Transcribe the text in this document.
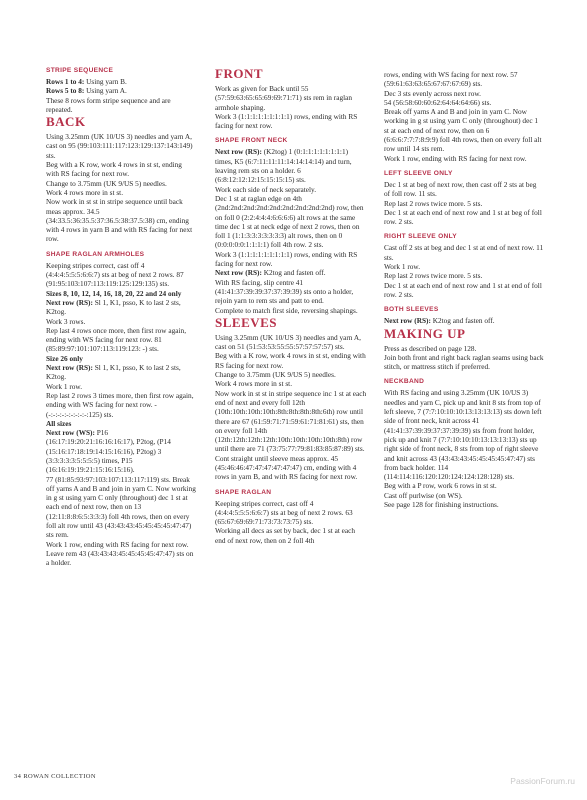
STRIPE SEQUENCE

Rows 1 to 4: Using yarn B.

Rows 5 to 8: Using yarn A.

These 8 rows form stripe sequence and are repeated.

BACK

Using 3.25mm (UK 10/US 3) needles and yarn A, cast on 95 (99:103:111:117:123:129:137:143:149) sts.

Beg with a K row, work 4 rows in st st, ending with RS facing for next row.

Change to 3.75mm (UK 9/US 5) needles.

Work 4 rows more in st st.

Now work in st st in stripe sequence until back meas approx. 34.5 (34:33.5:36:35.5:37:36.5:38:37.5:38) cm, ending with 4 rows in yarn B and with RS facing for next row.

SHAPE RAGLAN ARMHOLES

Keeping stripes correct, cast off 4 (4:4:4:5:5:5:6:6:7) sts at beg of next 2 rows. 87 (91:95:103:107:113:119:125:129:135) sts.

Sizes 8, 10, 12, 14, 16, 18, 20, 22 and 24 only

Next row (RS): Sl 1, K1, psso, K to last 2 sts, K2tog.

Work 3 rows.

Rep last 4 rows once more, then first row again, ending with WS facing for next row. 81 (85:89:97:101:107:113:119:123: -) sts.

Size 26 only

Next row (RS): Sl 1, K1, psso, K to last 2 sts, K2tog.

Work 1 row.

Rep last 2 rows 3 times more, then first row again, ending with WS facing for next row. - (-:-:-:-:-:-:-:-:-:125) sts.

All sizes

Next row (WS): P16 (16:17:19:20:21:16:16:16:17), P2tog, (P14 (15:16:17:18:19:14:15:16:16), P2tog) 3 (3:3:3:3:3:5:5:5:5) times, P15 (16:16:19:19:21:15:16:15:16).

77 (81:85:93:97:103:107:113:117:119) sts. Break off yarns A and B and join in yarn C. Now working in g st using yarn C only (throughout) dec 1 st at each end of next row, then on 13 (12:11:8:8:6:5:3:3:3) foll 4th rows, then on every foll alt row until 43 (43:43:43:45:45:45:45:47:47) sts rem.

Work 1 row, ending with RS facing for next row.

Leave rem 43 (43:43:43:45:45:45:45:47:47) sts on a holder.

FRONT

Work as given for Back until 55 (57:59:63:65:65:69:69:71:71) sts rem in raglan armhole shaping.

Work 3 (1:1:1:1:1:1:1:1:1) rows, ending with RS facing for next row.

SHAPE FRONT NECK

Next row (RS): (K2tog) 1 (0:1:1:1:1:1:1:1:1) times, K5 (6:7:11:11:11:14:14:14:14) and turn, leaving rem sts on a holder. 6 (6:8:12:12:12:15:15:15:15) sts.

Work each side of neck separately.

Dec 1 st at raglan edge on 4th (2nd:2nd:2nd:2nd:2nd:2nd:2nd:2nd:2nd) row, then on foll 0 (2:2:4:4:4:6:6:6:6) alt rows at the same time dec 1 st at neck edge of next 2 rows, then on foll 1 (1:1:3:3:3:3:3:3:3) alt rows, then on 0 (0:0:0:0:0:1:1:1:1) foll 4th row. 2 sts.

Work 3 (1:1:1:1:1:1:1:1:1) rows, ending with RS facing for next row.

Next row (RS): K2tog and fasten off.

With RS facing, slip centre 41 (41:41:37:39:39:37:37:39:39) sts onto a holder, rejoin yarn to rem sts and patt to end.

Complete to match first side, reversing shapings.

SLEEVES

Using 3.25mm (UK 10/US 3) needles and yarn A, cast on 51 (51:53:53:55:55:57:57:57:57) sts.

Beg with a K row, work 4 rows in st st, ending with RS facing for next row.

Change to 3.75mm (UK 9/US 5) needles.

Work 4 rows more in st st.

Now work in st st in stripe sequence inc 1 st at each end of next and every foll 12th (10th:10th:10th:10th:8th:8th:8th:8th:6th) row until there are 67 (61:59:71:71:59:61:71:81:61) sts, then on every foll 14th (12th:12th:12th:12th:10th:10th:10th:10th:8th) row until there are 71 (73:75:77:79:81:83:85:87:89) sts.

Cont straight until sleeve meas approx. 45 (45:46:46:47:47:47:47:47:47) cm, ending with 4 rows in yarn B, and with RS facing for next row.

SHAPE RAGLAN

Keeping stripes correct, cast off 4 (4:4:4:5:5:5:6:6:7) sts at beg of next 2 rows. 63 (65:67:69:69:71:73:73:73:75) sts.

Working all decs as set by back, dec 1 st at each end of next row, then on 2 foll 4th

rows, ending with WS facing for next row. 57 (59:61:63:63:65:67:67:67:69) sts.

Dec 3 sts evenly across next row.

54 (56:58:60:60:62:64:64:64:66) sts.

Break off yarns A and B and join in yarn C. Now working in g st using yarn C only (throughout) dec 1 st at each end of next row, then on 6 (6:6:6:7:7:7:8:9:9) foll 4th rows, then on every foll alt row until 14 sts rem.

Work 1 row, ending with RS facing for next row.

LEFT SLEEVE ONLY

Dec 1 st at beg of next row, then cast off 2 sts at beg of foll row. 11 sts.

Rep last 2 rows twice more. 5 sts.

Dec 1 st at each end of next row and 1 st at beg of foll row. 2 sts.

RIGHT SLEEVE ONLY

Cast off 2 sts at beg and dec 1 st at end of next row. 11 sts.

Work 1 row.

Rep last 2 rows twice more. 5 sts.

Dec 1 st at each end of next row and 1 st at end of foll row. 2 sts.

BOTH SLEEVES

Next row (RS): K2tog and fasten off.

MAKING UP

Press as described on page 128.

Join both front and right back raglan seams using back stitch, or mattress stitch if preferred.

NECKBAND

With RS facing and using 3.25mm (UK 10/US 3) needles and yarn C, pick up and knit 8 sts from top of left sleeve, 7 (7:7:10:10:10:13:13:13:13) sts down left side of front neck, knit across 41 (41:41:37:39:39:37:37:39:39) sts from front holder, pick up and knit 7 (7:7:10:10:10:13:13:13:13) sts up right side of front neck, 8 sts from top of right sleeve and knit across 43 (43:43:43:45:45:45:45:47:47) sts from back holder. 114 (114:114:116:120:120:124:124:128:128) sts.

Beg with a P row, work 6 rows in st st.

Cast off purlwise (on WS).

See page 128 for finishing instructions.

34 ROWAN COLLECTION	PassionForum.ru
